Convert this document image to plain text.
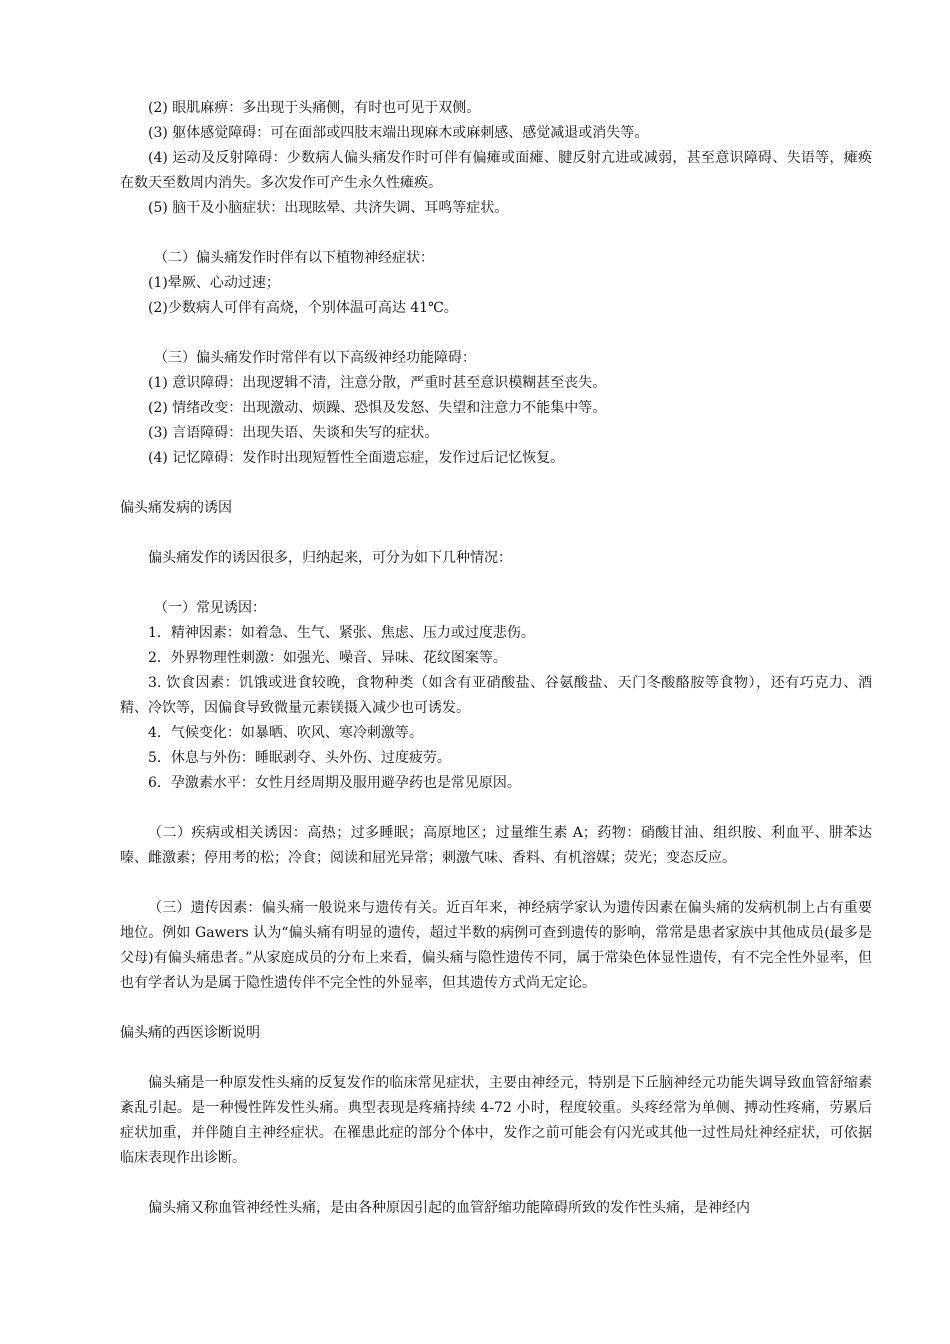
(2) 眼肌麻痹：多出现于头痛侧，有时也可见于双侧。

(3) 躯体感觉障碍：可在面部或四肢末端出现麻木或麻刺感、感觉减退或消失等。

(4) 运动及反射障碍：少数病人偏头痛发作时可伴有偏瘫或面瘫、腱反射亢进或减弱，甚至意识障碍、失语等，瘫痪在数天至数周内消失。多次发作可产生永久性瘫痪。

(5) 脑干及小脑症状：出现眩晕、共济失调、耳鸣等症状。

（二）偏头痛发作时伴有以下植物神经症状：

(1)晕厥、心动过速；

(2)少数病人可伴有高烧，个别体温可高达 41℃。

（三）偏头痛发作时常伴有以下高级神经功能障碍：

(1) 意识障碍：出现逻辑不清，注意分散，严重时甚至意识模糊甚至丧失。

(2) 情绪改变：出现激动、烦躁、恐惧及发怒、失望和注意力不能集中等。

(3) 言语障碍：出现失语、失谈和失写的症状。

(4) 记忆障碍：发作时出现短暂性全面遗忘症，发作过后记忆恢复。

偏头痛发病的诱因

偏头痛发作的诱因很多，归纳起来，可分为如下几种情况：

（一）常见诱因：

1．精神因素：如着急、生气、紧张、焦虑、压力或过度悲伤。

2．外界物理性刺激：如强光、噪音、异味、花纹图案等。

3. 饮食因素：饥饿或进食较晚，食物种类（如含有亚硝酸盐、谷氨酸盐、天门冬酸酪胺等食物），还有巧克力、酒精、冷饮等，因偏食导致微量元素镁摄入减少也可诱发。

4．气候变化：如暴晒、吹风、寒冷刺激等。

5．休息与外伤：睡眠剥夺、头外伤、过度疲劳。

6．孕激素水平：女性月经周期及服用避孕药也是常见原因。

（二）疾病或相关诱因：高热；过多睡眠；高原地区；过量维生素 A；药物：硝酸甘油、组织胺、利血平、肼苯达嗪、雌激素；停用考的松；冷食；阅读和屈光异常；刺激气味、香料、有机溶媒；荧光；变态反应。

（三）遗传因素：偏头痛一般说来与遗传有关。近百年来，神经病学家认为遗传因素在偏头痛的发病机制上占有重要地位。例如 Gawers 认为“偏头痛有明显的遗传，超过半数的病例可查到遗传的影响，常常是患者家族中其他成员(最多是父母)有偏头痛患者。”从家庭成员的分布上来看，偏头痛与隐性遗传不同，属于常染色体显性遗传，有不完全性外显率，但也有学者认为是属于隐性遗传伴不完全性的外显率，但其遗传方式尚无定论。

偏头痛的西医诊断说明

偏头痛是一种原发性头痛的反复发作的临床常见症状，主要由神经元，特别是下丘脑神经元功能失调导致血管舒缩素紊乱引起。是一种慢性阵发性头痛。典型表现是疼痛持续 4-72 小时，程度较重。头疼经常为单侧、搏动性疼痛，劳累后症状加重，并伴随自主神经症状。在罹患此症的部分个体中，发作之前可能会有闪光或其他一过性局灶神经症状，可依据临床表现作出诊断。

偏头痛又称血管神经性头痛，是由各种原因引起的血管舒缩功能障碍所致的发作性头痛，是神经内
